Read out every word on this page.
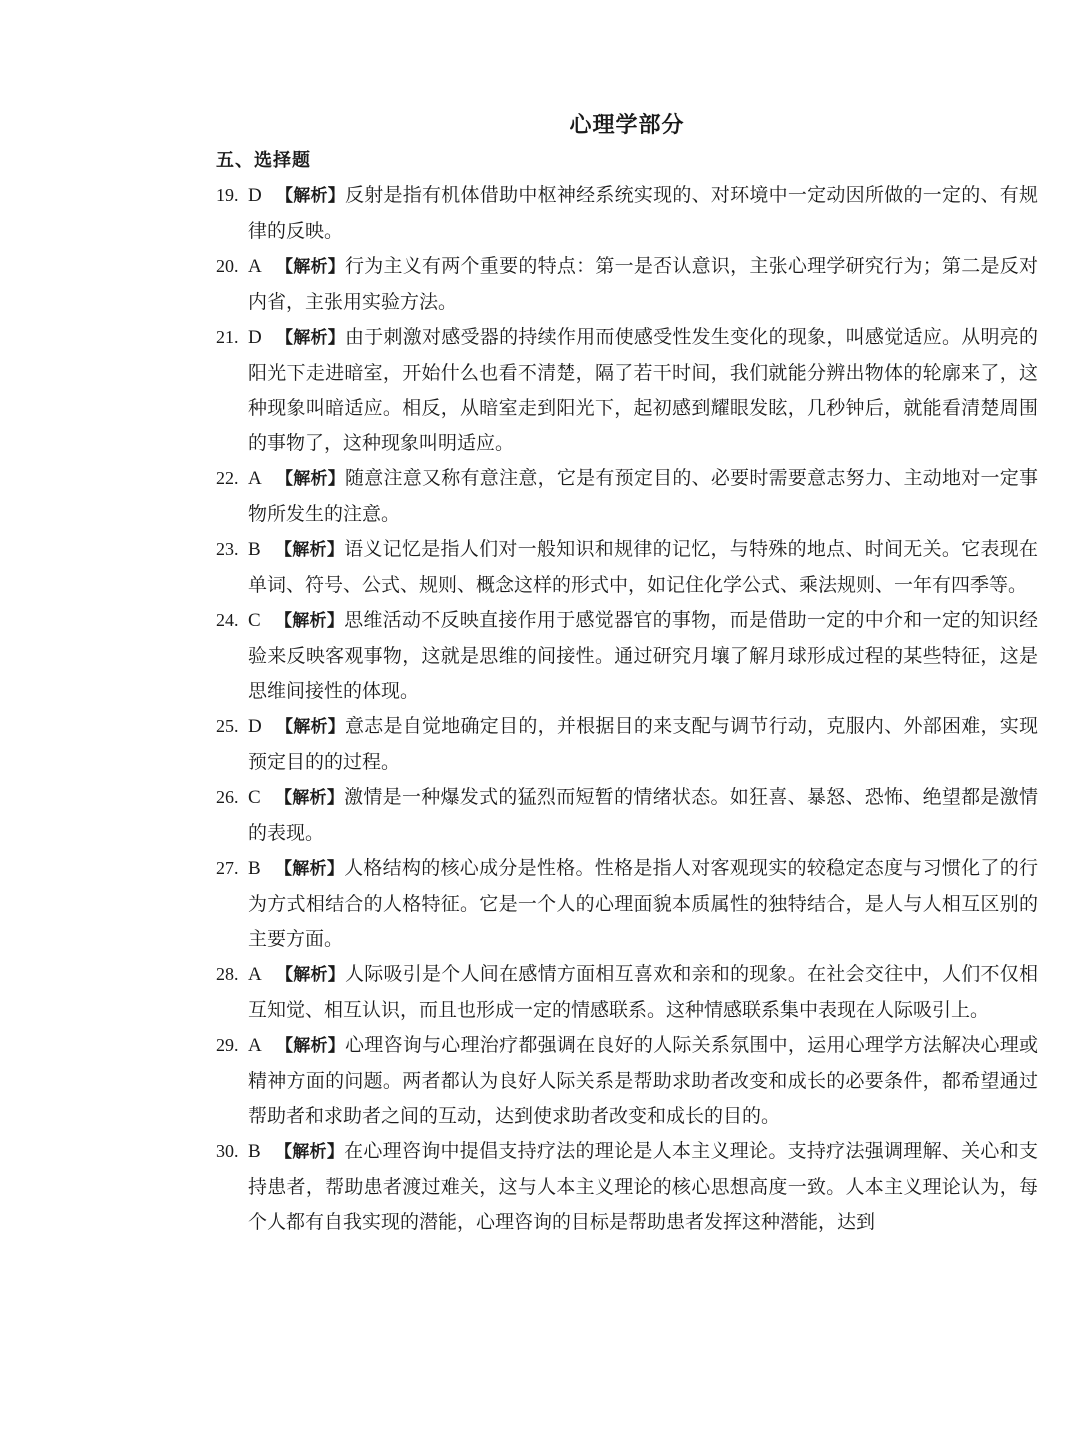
心理学部分
五、选择题
19. D 【解析】反射是指有机体借助中枢神经系统实现的、对环境中一定动因所做的一定的、有规律的反映。
20. A 【解析】行为主义有两个重要的特点：第一是否认意识，主张心理学研究行为；第二是反对内省，主张用实验方法。
21. D 【解析】由于刺激对感受器的持续作用而使感受性发生变化的现象，叫感觉适应。从明亮的阳光下走进暗室，开始什么也看不清楚，隔了若干时间，我们就能分辨出物体的轮廓来了，这种现象叫暗适应。相反，从暗室走到阳光下，起初感到耀眼发眩，几秒钟后，就能看清楚周围的事物了，这种现象叫明适应。
22. A 【解析】随意注意又称有意注意，它是有预定目的、必要时需要意志努力、主动地对一定事物所发生的注意。
23. B 【解析】语义记忆是指人们对一般知识和规律的记忆，与特殊的地点、时间无关。它表现在单词、符号、公式、规则、概念这样的形式中，如记住化学公式、乘法规则、一年有四季等。
24. C 【解析】思维活动不反映直接作用于感觉器官的事物，而是借助一定的中介和一定的知识经验来反映客观事物，这就是思维的间接性。通过研究月壤了解月球形成过程的某些特征，这是思维间接性的体现。
25. D 【解析】意志是自觉地确定目的，并根据目的来支配与调节行动，克服内、外部困难，实现预定目的的过程。
26. C 【解析】激情是一种爆发式的猛烈而短暂的情绪状态。如狂喜、暴怒、恐怖、绝望都是激情的表现。
27. B 【解析】人格结构的核心成分是性格。性格是指人对客观现实的较稳定态度与习惯化了的行为方式相结合的人格特征。它是一个人的心理面貌本质属性的独特结合，是人与人相互区别的主要方面。
28. A 【解析】人际吸引是个人间在感情方面相互喜欢和亲和的现象。在社会交往中，人们不仅相互知觉、相互认识，而且也形成一定的情感联系。这种情感联系集中表现在人际吸引上。
29. A 【解析】心理咨询与心理治疗都强调在良好的人际关系氛围中，运用心理学方法解决心理或精神方面的问题。两者都认为良好人际关系是帮助求助者改变和成长的必要条件，都希望通过帮助者和求助者之间的互动，达到使求助者改变和成长的目的。
30. B 【解析】在心理咨询中提倡支持疗法的理论是人本主义理论。支持疗法强调理解、关心和支持患者，帮助患者渡过难关，这与人本主义理论的核心思想高度一致。人本主义理论认为，每个人都有自我实现的潜能，心理咨询的目标是帮助患者发挥这种潜能，达到
